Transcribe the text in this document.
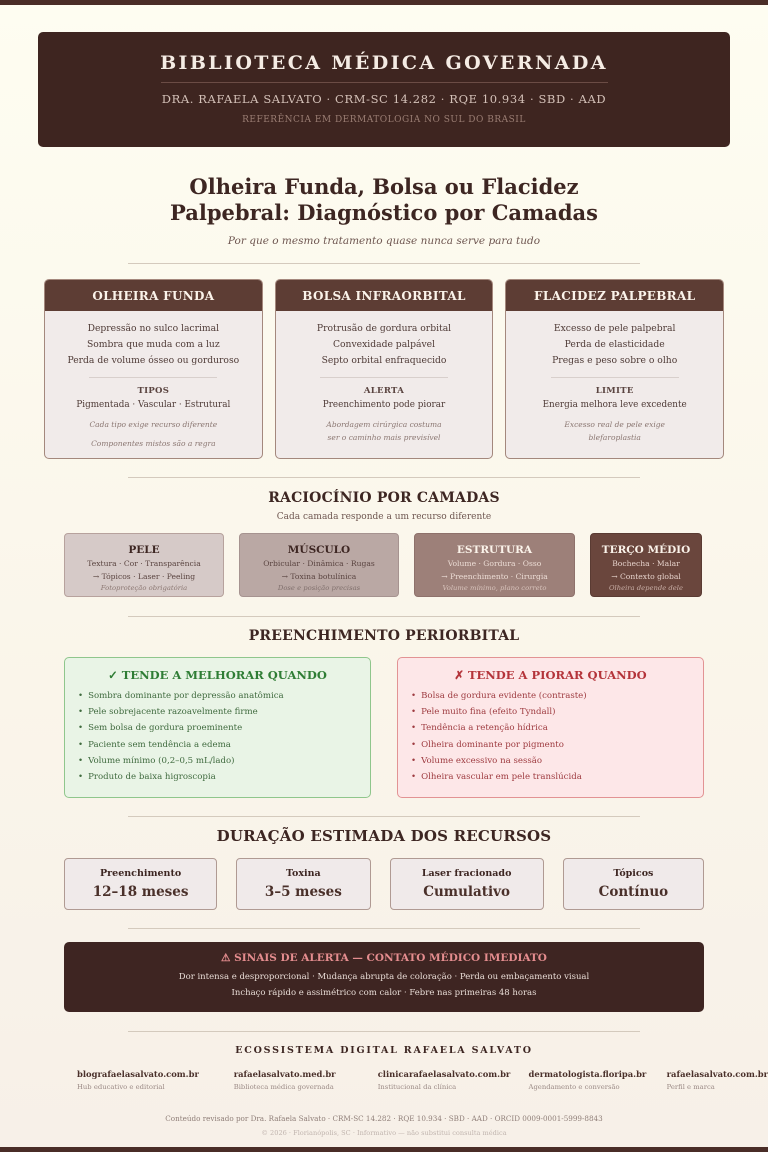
BIBLIOTECA MÉDICA GOVERNADA
DRA. RAFAELA SALVATO · CRM-SC 14.282 · RQE 10.934 · SBD · AAD
REFERÊNCIA EM DERMATOLOGIA NO SUL DO BRASIL
Olheira Funda, Bolsa ou Flacidez
Palpebral: Diagnóstico por Camadas
Por que o mesmo tratamento quase nunca serve para tudo
OLHEIRA FUNDA
Depressão no sulco lacrimal
Sombra que muda com a luz
Perda de volume ósseo ou gorduroso
TIPOS
Pigmentada · Vascular · Estrutural
Cada tipo exige recurso diferente
Componentes mistos são a regra
BOLSA INFRAORBITAL
Protrusão de gordura orbital
Convexidade palpável
Septo orbital enfraquecido
ALERTA
Preenchimento pode piorar
Abordagem cirúrgica costuma
ser o caminho mais previsível
FLACIDEZ PALPEBRAL
Excesso de pele palpebral
Perda de elasticidade
Pregas e peso sobre o olho
LIMITE
Energia melhora leve excedente
Excesso real de pele exige
blefaroplastia
RACIOCÍNIO POR CAMADAS
Cada camada responde a um recurso diferente
PELE
Textura · Cor · Transparência
→ Tópicos · Laser · Peeling
Fotoproteção obrigatória
MÚSCULO
Orbicular · Dinâmica · Rugas
→ Toxina botulínica
Dose e posição precisas
ESTRUTURA
Volume · Gordura · Osso
→ Preenchimento · Cirurgia
Volume mínimo, plano correto
TERÇO MÉDIO
Bochecha · Malar
→ Contexto global
Olheira depende dele
PREENCHIMENTO PERIORBITAL
✓ TENDE A MELHORAR QUANDO
• Sombra dominante por depressão anatômica
• Pele sobrejacente razoavelmente firme
• Sem bolsa de gordura proeminente
• Paciente sem tendência a edema
• Volume mínimo (0,2–0,5 mL/lado)
• Produto de baixa higroscopia
✗ TENDE A PIORAR QUANDO
• Bolsa de gordura evidente (contraste)
• Pele muito fina (efeito Tyndall)
• Tendência a retenção hídrica
• Olheira dominante por pigmento
• Volume excessivo na sessão
• Olheira vascular em pele translúcida
DURAÇÃO ESTIMADA DOS RECURSOS
Preenchimento
12–18 meses
Toxina
3–5 meses
Laser fracionado
Cumulativo
Tópicos
Contínuo
⚠ SINAIS DE ALERTA — CONTATO MÉDICO IMEDIATO
Dor intensa e desproporcional · Mudança abrupta de coloração · Perda ou embaçamento visual
Inchaço rápido e assimétrico com calor · Febre nas primeiras 48 horas
ECOSSISTEMA DIGITAL RAFAELA SALVATO
blografaelasalvato.com.br
Hub educativo e editorial
rafaelasalvato.med.br
Biblioteca médica governada
clinicarafaelasalvato.com.br
Institucional da clínica
dermatologista.floripa.br
Agendamento e conversão
rafaelasalvato.com.br
Perfil e marca
Conteúdo revisado por Dra. Rafaela Salvato · CRM-SC 14.282 · RQE 10.934 · SBD · AAD · ORCID 0009-0001-5999-8843
© 2026 · Florianópolis, SC · Informativo — não substitui consulta médica
